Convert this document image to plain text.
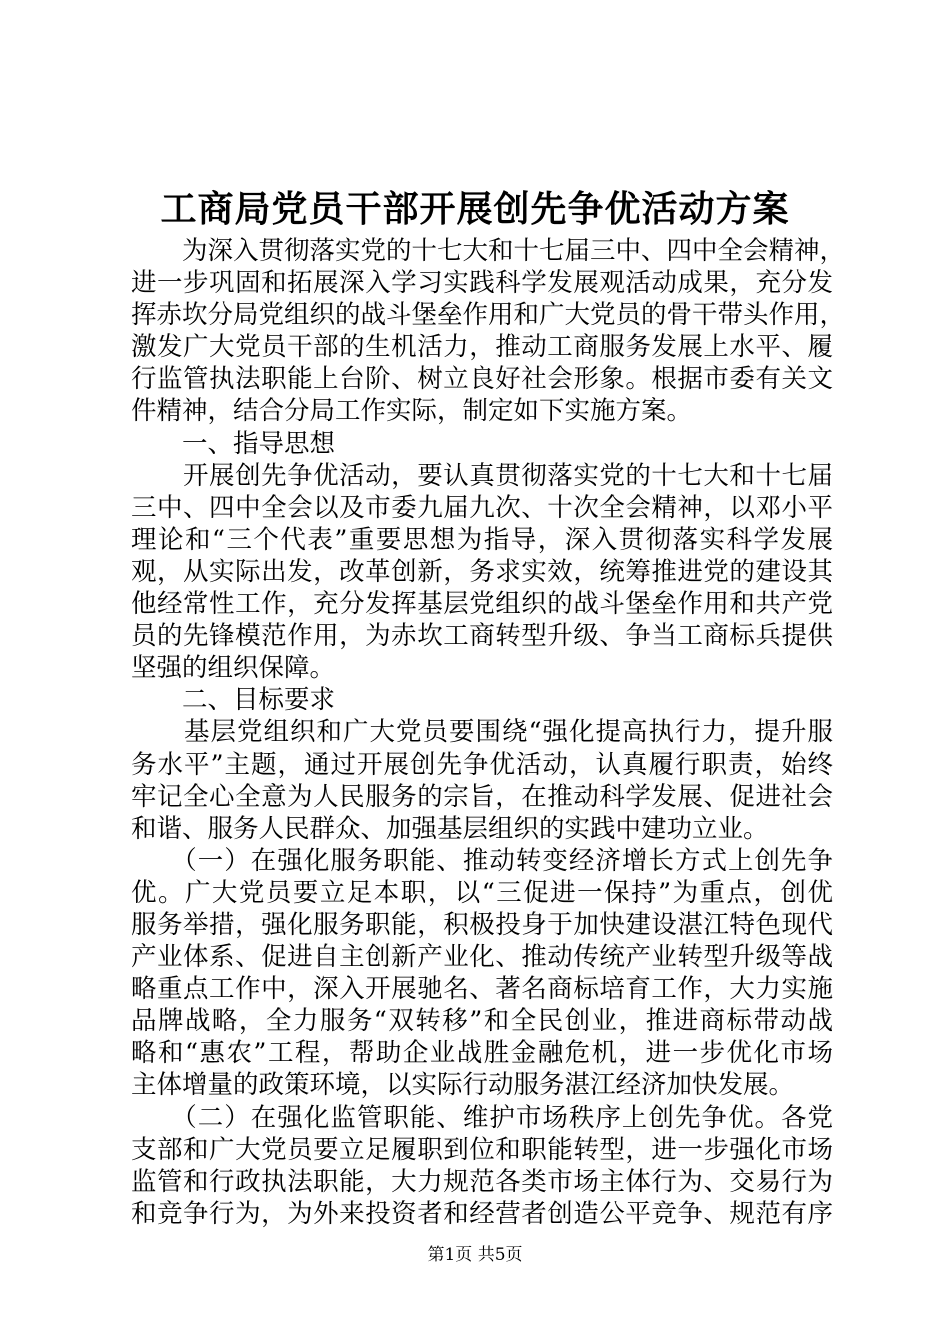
工商局党员干部开展创先争优活动方案
　　为深入贯彻落实党的十七大和十七届三中、四中全会精神，
进一步巩固和拓展深入学习实践科学发展观活动成果，充分发
挥赤坎分局党组织的战斗堡垒作用和广大党员的骨干带头作用，
激发广大党员干部的生机活力，推动工商服务发展上水平、履
行监管执法职能上台阶、树立良好社会形象。根据市委有关文
件精神，结合分局工作实际，制定如下实施方案。
　　一、指导思想
　　开展创先争优活动，要认真贯彻落实党的十七大和十七届
三中、四中全会以及市委九届九次、十次全会精神，以邓小平
理论和“三个代表”重要思想为指导，深入贯彻落实科学发展
观，从实际出发，改革创新，务求实效，统筹推进党的建设其
他经常性工作，充分发挥基层党组织的战斗堡垒作用和共产党
员的先锋模范作用，为赤坎工商转型升级、争当工商标兵提供
坚强的组织保障。
　　二、目标要求
　　基层党组织和广大党员要围绕“强化提高执行力，提升服
务水平”主题，通过开展创先争优活动，认真履行职责，始终
牢记全心全意为人民服务的宗旨，在推动科学发展、促进社会
和谐、服务人民群众、加强基层组织的实践中建功立业。
　　（一）在强化服务职能、推动转变经济增长方式上创先争
优。广大党员要立足本职，以“三促进一保持”为重点，创优
服务举措，强化服务职能，积极投身于加快建设湛江特色现代
产业体系、促进自主创新产业化、推动传统产业转型升级等战
略重点工作中，深入开展驰名、著名商标培育工作，大力实施
品牌战略，全力服务“双转移”和全民创业，推进商标带动战
略和“惠农”工程，帮助企业战胜金融危机，进一步优化市场
主体增量的政策环境，以实际行动服务湛江经济加快发展。
　　（二）在强化监管职能、维护市场秩序上创先争优。各党
支部和广大党员要立足履职到位和职能转型，进一步强化市场
监管和行政执法职能，大力规范各类市场主体行为、交易行为
和竞争行为，为外来投资者和经营者创造公平竞争、规范有序
第1页 共5页
